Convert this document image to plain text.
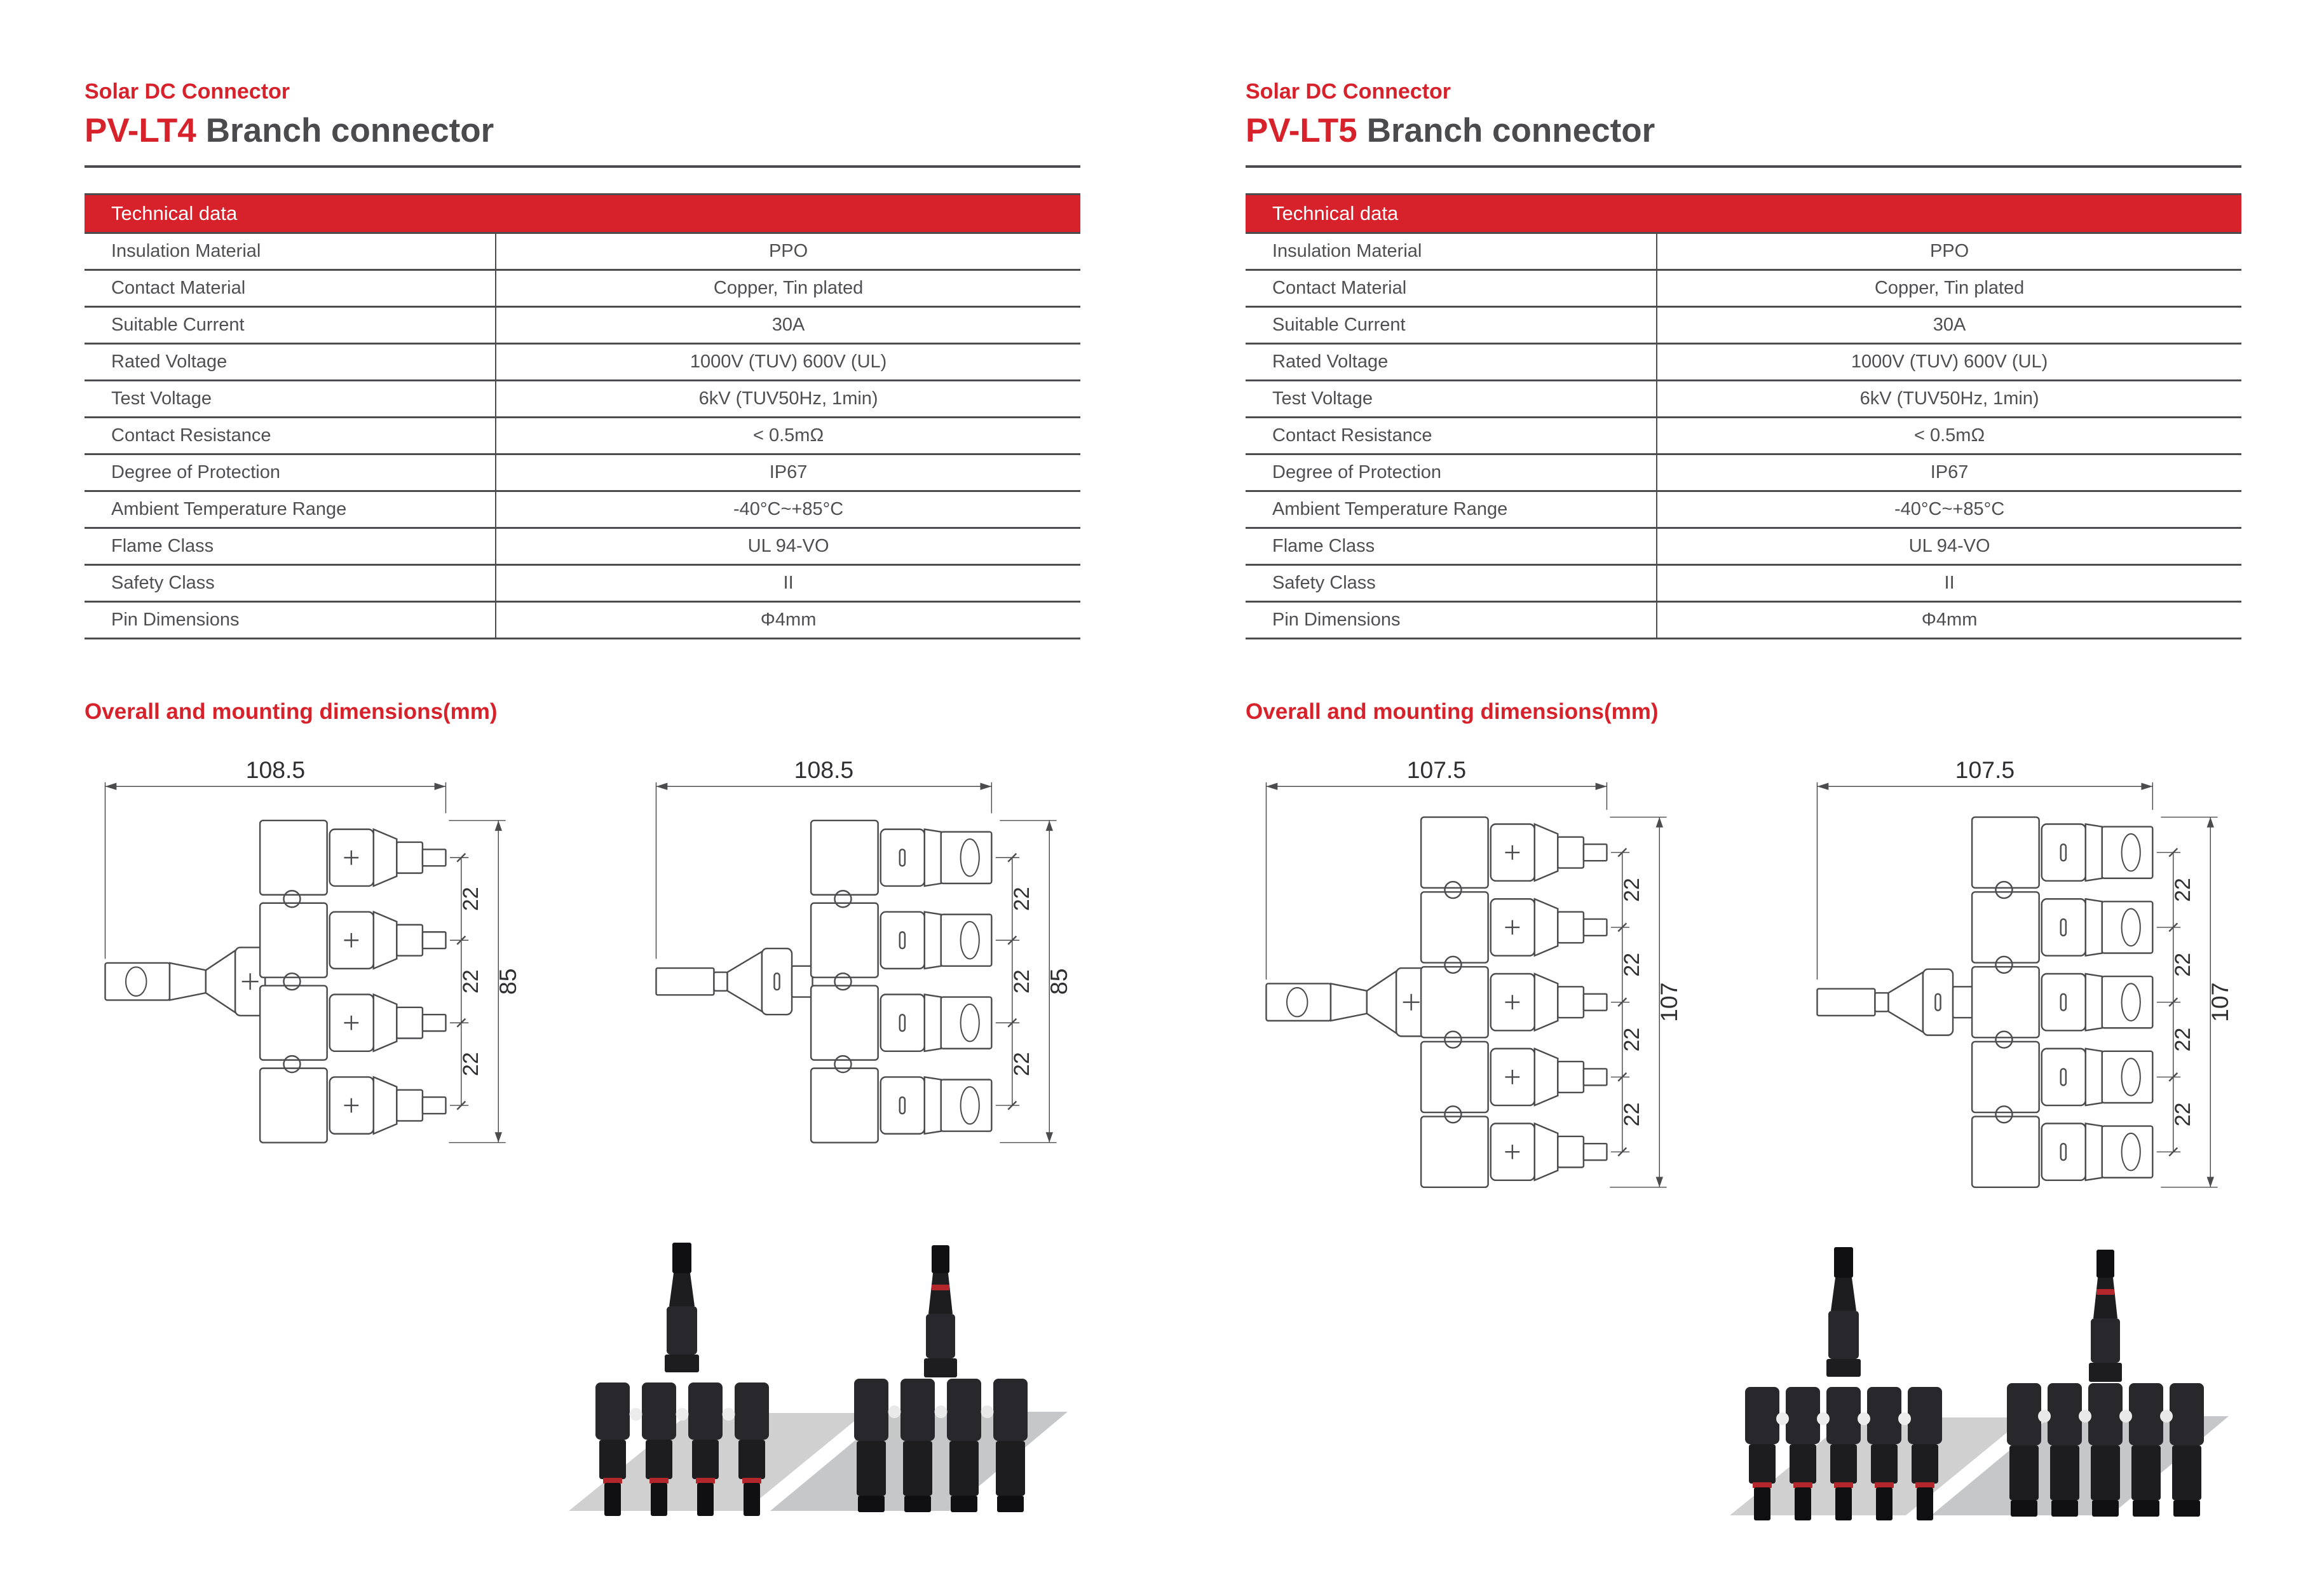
Solar DC Connector
PV-LT4 Branch connector
Technical data	
Insulation Material	PPO
Contact Material	Copper, Tin plated
Suitable Current	30A
Rated Voltage	1000V (TUV) 600V (UL)
Test Voltage	6kV (TUV50Hz, 1min)
Contact Resistance	< 0.5mΩ
Degree of Protection	IP67
Ambient Temperature Range	-40°C~+85°C
Flame Class	UL 94-VO
Safety Class	II
Pin Dimensions	Φ4mm
Overall and mounting dimensions(mm)
108.5
22
22
22
85
108.5
22
22
22
85
Solar DC Connector
PV-LT5 Branch connector
Technical data	
Insulation Material	PPO
Contact Material	Copper, Tin plated
Suitable Current	30A
Rated Voltage	1000V (TUV) 600V (UL)
Test Voltage	6kV (TUV50Hz, 1min)
Contact Resistance	< 0.5mΩ
Degree of Protection	IP67
Ambient Temperature Range	-40°C~+85°C
Flame Class	UL 94-VO
Safety Class	II
Pin Dimensions	Φ4mm
Overall and mounting dimensions(mm)
107.5
22
22
22
22
107
107.5
22
22
22
22
107
